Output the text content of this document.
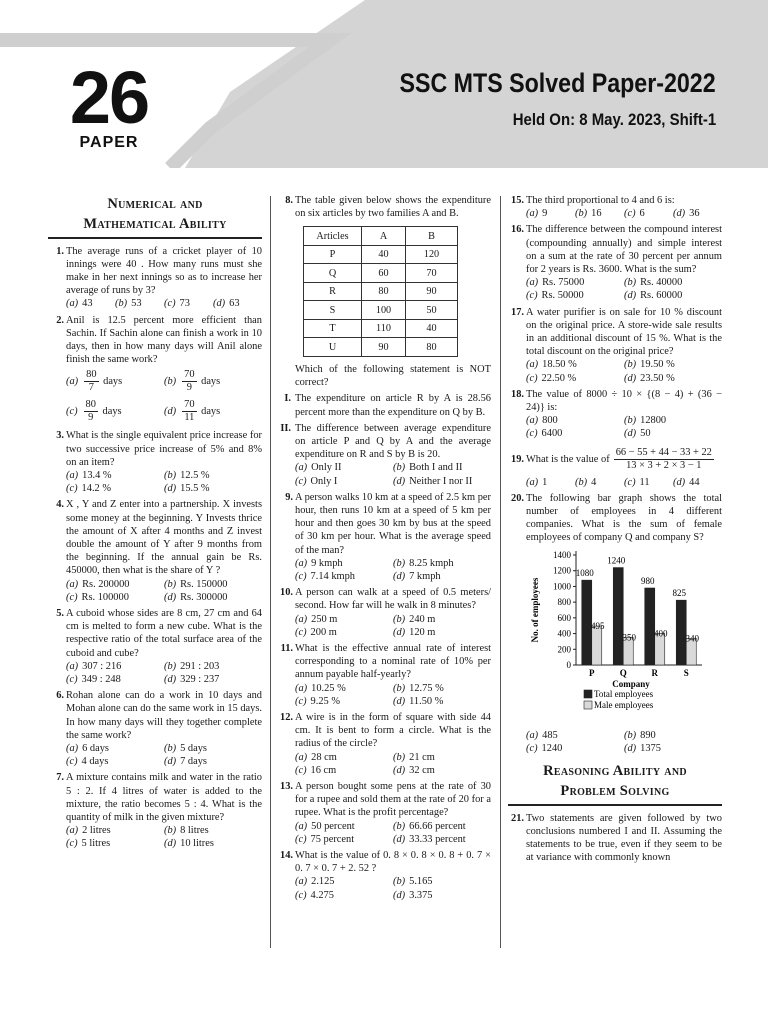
26
PAPER
SSC MTS Solved Paper-2022
Held On: 8 May. 2023, Shift-1
Numerical and
Mathematical Ability
1. The average runs of a cricket player of 10 innings were 40 . How many runs must she make in her next innings so as to increase her average of runs by 3?
(a) 43	(b) 53	(c) 73	(d) 63
2. Anil is 12.5 percent more efficient than Sachin. If Sachin alone can finish a work in 10 days, then in how many days will Anil alone finish the same work?
$(a) \frac{80}{7}$
days	$(b) \frac{70}{9}$
days
$(c) \frac{80}{9}$
days	$(d) \frac{70}{11}$
days
3. What is the single equivalent price increase for two successive price increase of 5% and 8% on an item?
(a) 13.4 %	(b) 12.5 %
(c) 14.2 %	(d) 15.5 %
4. X , Y and Z enter into a partnership. X invests some money at the beginning. Y Invests thrice the amount of X after 4 months and Z invest double the amount of Y after 9 months from the beginning. If the annual gain be Rs. 450000, then what is the share of Y ?
(a) Rs. 200000	(b) Rs. 150000
(c) Rs. 100000	(d) Rs. 300000
5. A cuboid whose sides are 8 cm, 27 cm and 64 cm is melted to form a new cube. What is the respective ratio of the total surface area of the cuboid and cube?
(a) 307 : 216	(b) 291 : 203
(c) 349 : 248	(d) 329 : 237
6. Rohan alone can do a work in 10 days and Mohan alone can do the same work in 15 days. In how many days will they together complete the same work?
(a) 6 days	(b) 5 days
(c) 4 days	(d) 7 days
7. A mixture contains milk and water in the ratio 5 : 2. If 4 litres of water is added to the mixture, the ratio becomes 5 : 4. What is the quantity of milk in the given mixture?
(a) 2 litres	(b) 8 litres
(c) 5 litres	(d) 10 litres
8. The table given below shows the expenditure on six articles by two families A and B.
Articles	A	B
P	40	120
Q	60	70
R	80	90
S	100	50
T	110	40
U	90	80
Which of the following statement is NOT correct?
I. The expenditure on article R by A is 28.56 percent more than the expenditure on Q by B.
II. The difference between average expenditure on article P and Q by A and the average expenditure on R and S by B is 20.
(a) Only II	(b) Both I and II
(c) Only I	(d) Neither I nor II
9. A person walks 10 km at a speed of 2.5 km per hour, then runs 10 km at a speed of 5 km per hour and then goes 30 km by bus at the speed of 30 km per hour. What is the average speed of the man?
(a) 9 kmph	(b) 8.25 kmph
(c) 7.14 kmph	(d) 7 kmph
10. A person can walk at a speed of 0.5 meters/ second. How far will he walk in 8 minutes?
(a) 250 m	(b) 240 m
(c) 200 m	(d) 120 m
11. What is the effective annual rate of interest corresponding to a nominal rate of 10% per annum payable half-yearly?
(a) 10.25 %	(b) 12.75 %
(c) 9.25 %	(d) 11.50 %
12. A wire is in the form of square with side 44 cm. It is bent to form a circle. What is the radius of the circle?
(a) 28 cm	(b) 21 cm
(c) 16 cm	(d) 32 cm
13. A person bought some pens at the rate of 30 for a rupee and sold them at the rate of 20 for a rupee. What is the profit percentage?
(a) 50 percent	(b) 66.66 percent
(c) 75 percent	(d) 33.33 percent
14. What is the value of 0. 8 × 0. 8 × 0. 8 + 0. 7 × 0. 7 × 0. 7 + 2. 52 ?
(a) 2.125	(b) 5.165
(c) 4.275	(d) 3.375
15. The third proportional to 4 and 6 is:
(a) 9	(b) 16	(c) 6	(d) 36
16. The difference between the compound interest (compounding annually) and simple interest on a sum at the rate of 30 percent per annum for 2 years is Rs. 3600. What is the sum?
(a) Rs. 75000	(b) Rs. 40000
(c) Rs. 50000	(d) Rs. 60000
17. A water purifier is on sale for 10 % discount on the original price. A store-wide sale results in an additional discount of 15 %. What is the total discount on the original price?
(a) 18.50 %	(b) 19.50 %
(c) 22.50 %	(d) 23.50 %
18. The value of 8000 ÷ 10 × {(8 − 4) + (36 − 24)} is:
(a) 800	(b) 12800
(c) 6400	(d) 50
19. What is the value of $\frac{66 - 55 + 44 - 33 + 22}{13 \times 3 + 2 \times 3 - 1}$
(a) 1	(b) 4	(c) 11	(d) 44
20. The following bar graph shows the total number of employees in 4 different companies. What is the sum of female employees of company Q and company S?
0
200
400
600
800
1000
1200
1400
No. of employees
1080
495
P
1240
350
Q
980
400
R
825
340
S
Company
Total employees
Male employees
(a) 485	(b) 890
(c) 1240	(d) 1375
Reasoning Ability and
Problem Solving
21. Two statements are given followed by two conclusions numbered I and II. Assuming the statements to be true, even if they seem to be at variance with commonly known
